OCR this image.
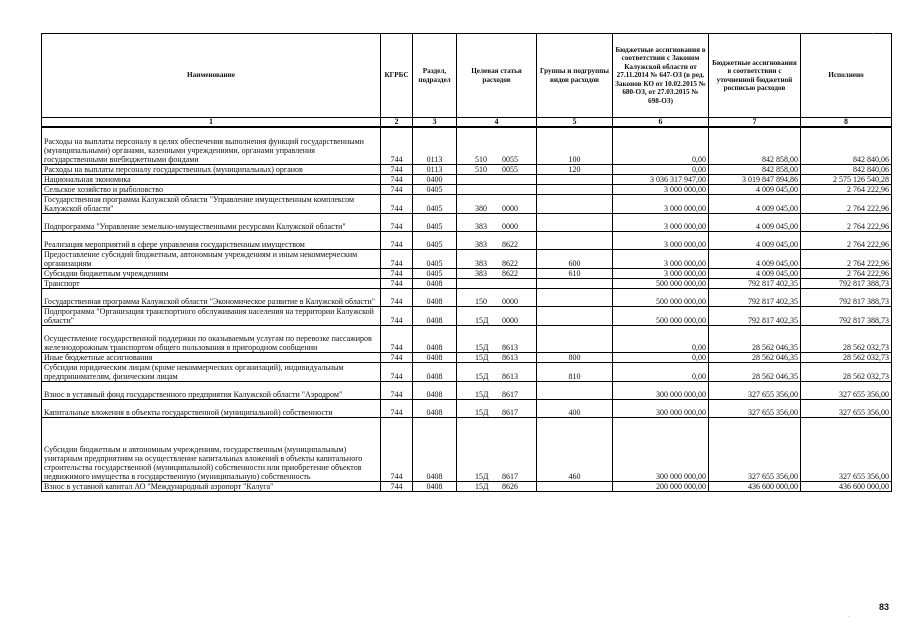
Наименование	КГРБС	Раздел, подраздел	Целевая статья расходов	Группы и подгруппы видов расходов	Бюджетные ассигнования в соответствии с Законом Калужской области от 27.11.2014 № 647-ОЗ (в ред. Законов КО от 10.02.2015 № 680-ОЗ, от 27.03.2015 № 698-ОЗ)	Бюджетные ассигнования в соответствии с уточненной бюджетной росписью расходов	Исполнено
1	2	3	4	5	6	7	8
Расходы на выплаты персоналу в целях обеспечения выполнения функций государственными (муниципальными) органами, казенными учреждениями, органами управления государственными внебюджетными фондами	744	0113	510 0055	100	0,00	842 858,00	842 840,06
Расходы на выплаты персоналу государственных (муниципальных) органов	744	0113	510 0055	120	0,00	842 858,00	842 840,06
Национальная экономика	744	0400			3 036 317 947,00	3 019 847 894,86	2 575 126 540,28
Сельское хозяйство и рыболовство	744	0405			3 000 000,00	4 009 045,00	2 764 222,96
Государственная программа Калужской области "Управление имущественным комплексом Калужской области"	744	0405	380 0000		3 000 000,00	4 009 045,00	2 764 222,96
Подпрограмма "Управление земельно-имущественными ресурсами Калужской области"	744	0405	383 0000		3 000 000,00	4 009 045,00	2 764 222,96
Реализация мероприятий в сфере управления государственным имуществом	744	0405	383 8622		3 000 000,00	4 009 045,00	2 764 222,96
Предоставление субсидий бюджетным, автономным учреждениям и иным некоммерческим организациям	744	0405	383 8622	600	3 000 000,00	4 009 045,00	2 764 222,96
Субсидии бюджетным учреждениям	744	0405	383 8622	610	3 000 000,00	4 009 045,00	2 764 222,96
Транспорт	744	0408			500 000 000,00	792 817 402,35	792 817 388,73
Государственная программа Калужской области "Экономическое развитие в Калужской области"	744	0408	150 0000		500 000 000,00	792 817 402,35	792 817 388,73
Подпрограмма "Организация транспортного обслуживания населения на территории Калужской области"	744	0408	15Д 0000		500 000 000,00	792 817 402,35	792 817 388,73
Осуществление государственной поддержки по оказываемым услугам по перевозке пассажиров железнодорожным транспортом общего пользования в пригородном сообщении	744	0408	15Д 8613		0,00	28 562 046,35	28 562 032,73
Иные бюджетные ассигнования	744	0408	15Д 8613	800	0,00	28 562 046,35	28 562 032,73
Субсидии юридическим лицам (кроме некоммерческих организаций), индивидуальным предпринимателям, физическим лицам	744	0408	15Д 8613	810	0,00	28 562 046,35	28 562 032,73
Взнос в уставный фонд государственного предприятия Калужской области "Аэродром"	744	0408	15Д 8617		300 000 000,00	327 655 356,00	327 655 356,00
Капитальные вложения в объекты государственной (муниципальной) собственности	744	0408	15Д 8617	400	300 000 000,00	327 655 356,00	327 655 356,00
Субсидии бюджетным и автономным учреждениям, государственным (муниципальным) унитарным предприятиям на осуществление капитальных вложений в объекты капитального строительства государственной (муниципальной) собственности или приобретение объектов недвижимого имущества в государственную (муниципальную) собственность	744	0408	15Д 8617	460	300 000 000,00	327 655 356,00	327 655 356,00
Взнос в уставной капитал АО "Международный аэропорт "Калуга"	744	0408	15Д 8626		200 000 000,00	436 600 000,00	436 600 000,00
83
,
.
